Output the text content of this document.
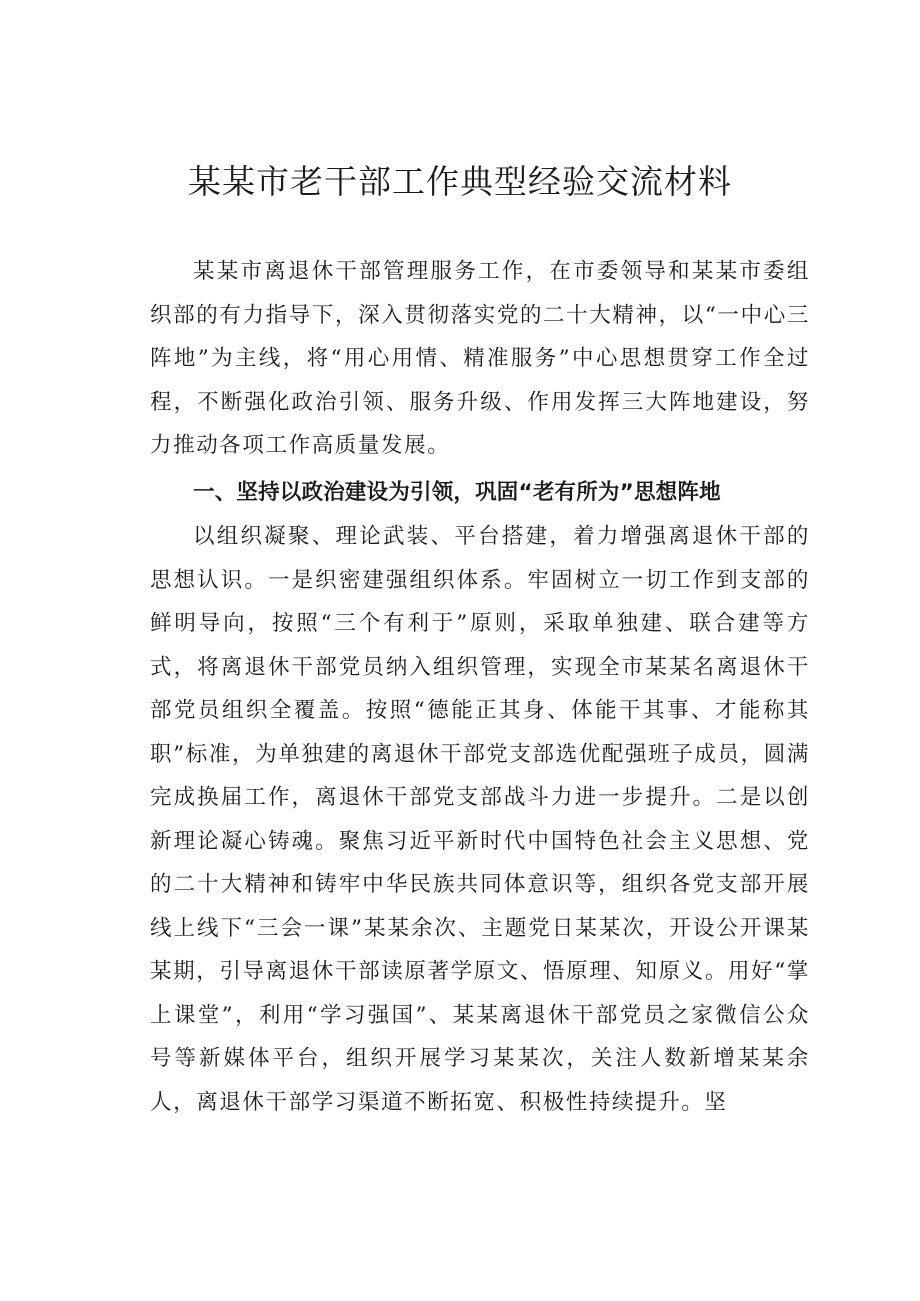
某某市老干部工作典型经验交流材料

某某市离退休干部管理服务工作，在市委领导和某某市委组织部的有力指导下，深入贯彻落实党的二十大精神，以“一中心三阵地”为主线，将“用心用情、精准服务”中心思想贯穿工作全过程，不断强化政治引领、服务升级、作用发挥三大阵地建设，努力推动各项工作高质量发展。

一、坚持以政治建设为引领，巩固“老有所为”思想阵地

以组织凝聚、理论武装、平台搭建，着力增强离退休干部的思想认识。一是织密建强组织体系。牢固树立一切工作到支部的鲜明导向，按照“三个有利于”原则，采取单独建、联合建等方式，将离退休干部党员纳入组织管理，实现全市某某名离退休干部党员组织全覆盖。按照“德能正其身、体能干其事、才能称其职”标准，为单独建的离退休干部党支部选优配强班子成员，圆满完成换届工作，离退休干部党支部战斗力进一步提升。二是以创新理论凝心铸魂。聚焦习近平新时代中国特色社会主义思想、党的二十大精神和铸牢中华民族共同体意识等，组织各党支部开展线上线下“三会一课”某某余次、主题党日某某次，开设公开课某某期，引导离退休干部读原著学原文、悟原理、知原义。用好“掌上课堂”，利用“学习强国”、某某离退休干部党员之家微信公众号等新媒体平台，组织开展学习某某次，关注人数新增某某余人，离退休干部学习渠道不断拓宽、积极性持续提升。坚
